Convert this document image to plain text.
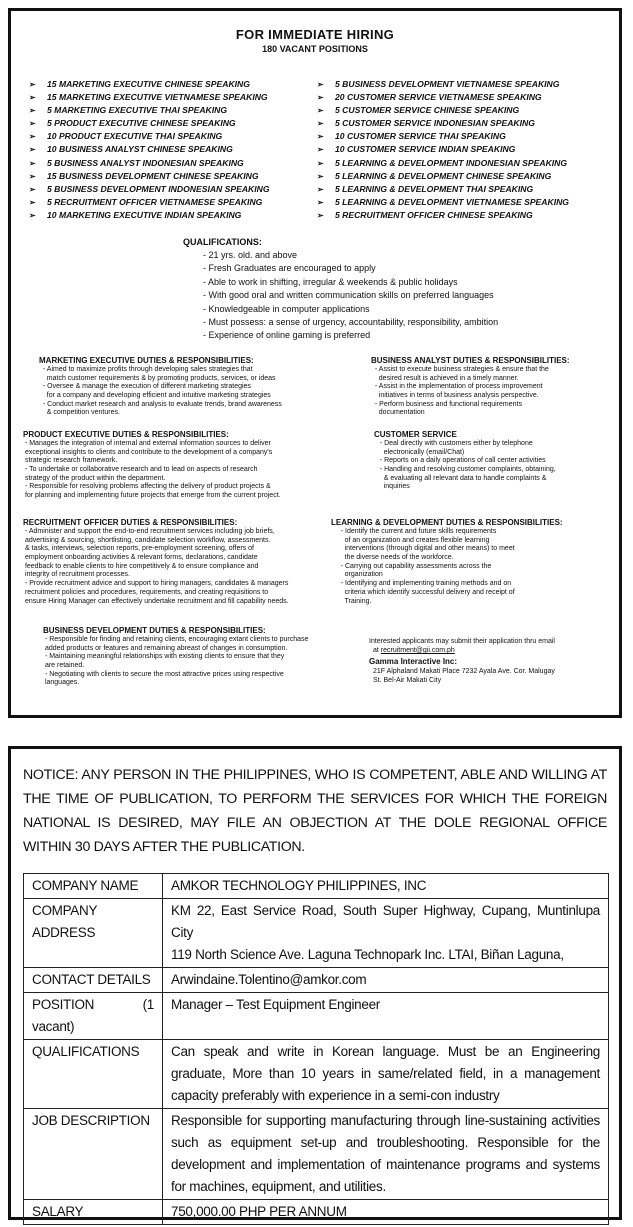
FOR IMMEDIATE HIRING
180 VACANT POSITIONS
➢ 15 MARKETING EXECUTIVE CHINESE SPEAKING
➢ 15 MARKETING EXECUTIVE VIETNAMESE SPEAKING
➢ 5 MARKETING EXECUTIVE THAI SPEAKING
➢ 5 PRODUCT EXECUTIVE CHINESE SPEAKING
➢ 10 PRODUCT EXECUTIVE THAI SPEAKING
➢ 10 BUSINESS ANALYST CHINESE SPEAKING
➢ 5 BUSINESS ANALYST INDONESIAN SPEAKING
➢ 15 BUSINESS DEVELOPMENT CHINESE SPEAKING
➢ 5 BUSINESS DEVELOPMENT INDONESIAN SPEAKING
➢ 5 RECRUITMENT OFFICER VIETNAMESE SPEAKING
➢ 10 MARKETING EXECUTIVE INDIAN SPEAKING
➢ 5 BUSINESS DEVELOPMENT VIETNAMESE SPEAKING
➢ 20 CUSTOMER SERVICE VIETNAMESE SPEAKING
➢ 5 CUSTOMER SERVICE CHINESE SPEAKING
➢ 5 CUSTOMER SERVICE INDONESIAN SPEAKING
➢ 10 CUSTOMER SERVICE THAI SPEAKING
➢ 10 CUSTOMER SERVICE INDIAN SPEAKING
➢ 5 LEARNING & DEVELOPMENT INDONESIAN SPEAKING
➢ 5 LEARNING & DEVELOPMENT CHINESE SPEAKING
➢ 5 LEARNING & DEVELOPMENT THAI SPEAKING
➢ 5 LEARNING & DEVELOPMENT VIETNAMESE SPEAKING
➢ 5 RECRUITMENT OFFICER CHINESE SPEAKING
QUALIFICATIONS:
- 21 yrs. old. and above
- Fresh Graduates are encouraged to apply
- Able to work in shifting, irregular & weekends & public holidays
- With good oral and written communication skills on preferred languages
- Knowledgeable in computer applications
- Must possess: a sense of urgency, accountability, responsibility, ambition
- Experience of online gaming is preferred
MARKETING EXECUTIVE DUTIES & RESPONSIBILITIES:
- Aimed to maximize profits through developing sales strategies that
match customer requirements & by promoting products, services, or ideas
- Oversee & manage the execution of different marketing strategies
for a company and developing efficient and intuitive marketing strategies
- Conduct market research and analysis to evaluate trends, brand awareness
& competition ventures.
PRODUCT EXECUTIVE DUTIES & RESPONSIBILITIES:
- Manages the integration of internal and external information sources to deliver
exceptional insights to clients and contribute to the development of a company's
strategic research framework.
- To undertake or collaborative research and to lead on aspects of research
strategy of the product within the department.
- Responsible for resolving problems affecting the delivery of product projects &
for planning and implementing future projects that emerge from the current project.
RECRUITMENT OFFICER DUTIES & RESPONSIBILITIES:
- Administer and support the end-to-end recruitment services including job briefs,
advertising & sourcing, shortlisting, candidate selection workflow, assessments.
& tasks, interviews, selection reports, pre-employment screening, offers of
employment onboarding activities & relevant forms, declarations, candidate
feedback to enable clients to hire competitively & to ensure compliance and
integrity of recruitment processes.
- Provide recruitment advice and support to hiring managers, candidates & managers
recruitment policies and procedures, requirements, and creating requisitions to
ensure Hiring Manager can effectively undertake recruitment and fill capability needs.
BUSINESS DEVELOPMENT DUTIES & RESPONSIBILITIES:
- Responsible for finding and retaining clients, encouraging extant clients to purchase
added products or features and remaining abreast of changes in consumption.
- Maintaining meaningful relationships with existing clients to ensure that they
are retained.
- Negotiating with clients to secure the most attractive prices using respective
languages.
BUSINESS ANALYST DUTIES & RESPONSIBILITIES:
- Assist to execute business strategies & ensure that the
desired result is achieved in a timely manner.
- Assist in the implementation of process improvement
initiatives in terms of business analysis perspective.
- Perform business and functional requirements
documentation
CUSTOMER SERVICE
- Deal directly with customers either by telephone
electronically (email/Chat)
- Reports on a daily operations of call center activities
- Handling and resolving customer complaints, obtaining,
& evaluating all relevant data to handle complaints &
inquiries
LEARNING & DEVELOPMENT DUTIES & RESPONSIBILITIES:
- Identify the current and future skills requirements
of an organization and creates flexible learning
interventions (through digital and other means) to meet
the diverse needs of the workforce.
- Carrying out capability assessments across the
organization
- Identifying and implementing training methods and on
criteria which identify successful delivery and receipt of
Training.
Interested applicants may submit their application thru email
at recruitment@gii.com.ph
Gamma Interactive Inc:
21F Alphaland Makati Place 7232 Ayala Ave. Cor. Malugay
St. Bel-Air Makati City
NOTICE: ANY PERSON IN THE PHILIPPINES, WHO IS COMPETENT, ABLE AND WILLING AT THE TIME OF PUBLICATION, TO PERFORM THE SERVICES FOR WHICH THE FOREIGN NATIONAL IS DESIRED, MAY FILE AN OBJECTION AT THE DOLE REGIONAL OFFICE WITHIN 30 DAYS AFTER THE PUBLICATION.
COMPANY NAME	AMKOR TECHNOLOGY PHILIPPINES, INC
COMPANY ADDRESS	KM 22, East Service Road, South Super Highway, Cupang, Muntinlupa City
119 North Science Ave. Laguna Technopark Inc. LTAI, Biñan Laguna,

CONTACT DETAILS	Arwindaine.Tolentino@amkor.com
POSITION (1 vacant)	Manager – Test Equipment Engineer
QUALIFICATIONS	Can speak and write in Korean language. Must be an Engineering graduate, More than 10 years in same/related field, in a management capacity preferably with experience in a semi-con industry
JOB DESCRIPTION	Responsible for supporting manufacturing through line-sustaining activities such as equipment set-up and troubleshooting. Responsible for the development and implementation of maintenance programs and systems for machines, equipment, and utilities.
SALARY	750,000.00 PHP PER ANNUM
